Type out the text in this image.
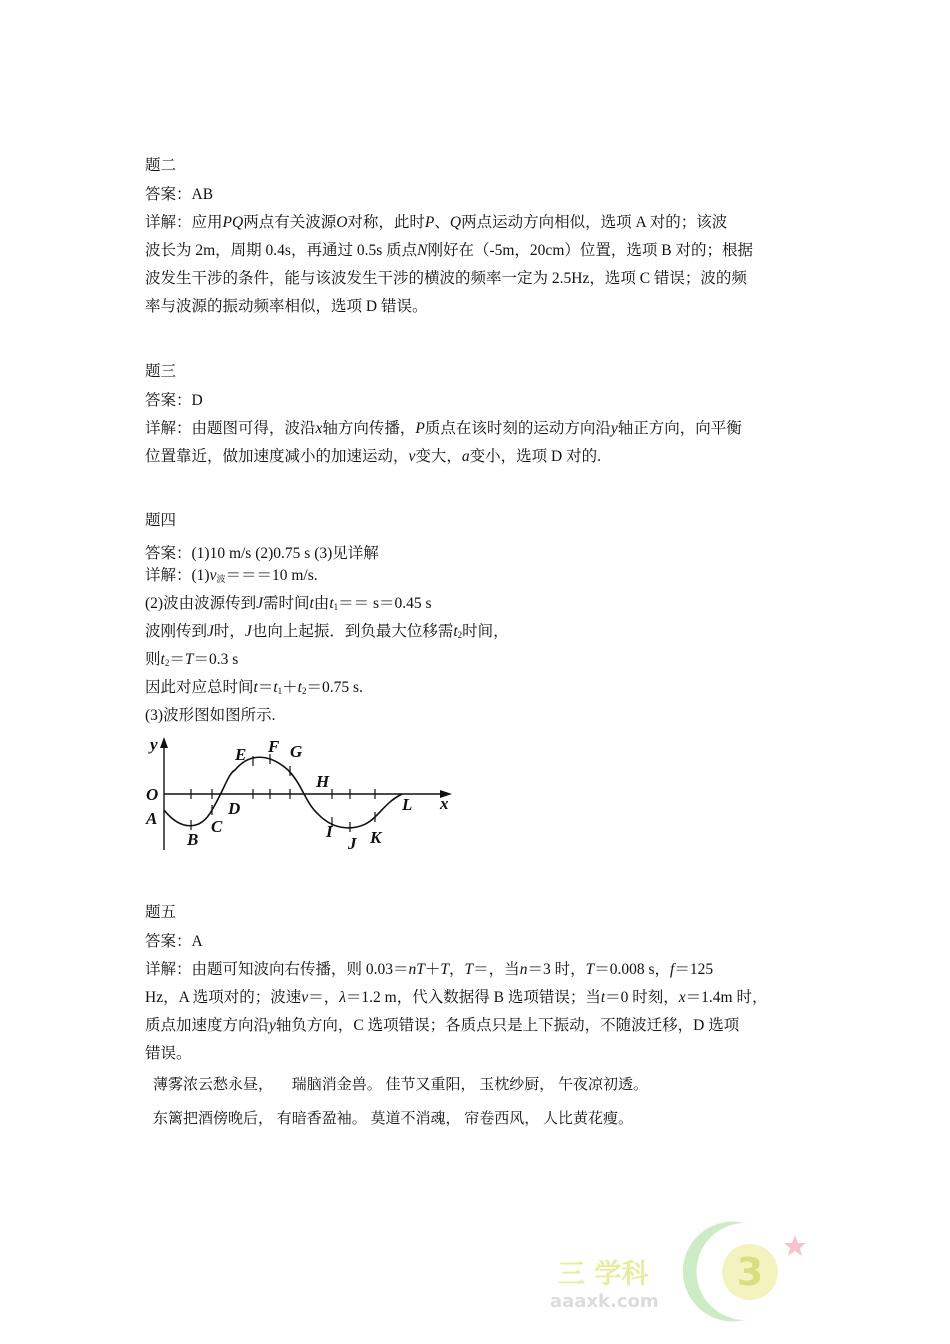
题二
答案：AB
详解：应用PQ两点有关波源O对称，此时P、Q两点运动方向相似，选项 A 对的；该波
波长为 2m，周期 0.4s，再通过 0.5s 质点N刚好在（-5m，20cm）位置，选项 B 对的；根据
波发生干涉的条件，能与该波发生干涉的横波的频率一定为 2.5Hz，选项 C 错误；波的频
率与波源的振动频率相似，选项 D 错误。
题三
答案：D
详解：由题图可得，波沿x轴方向传播，P质点在该时刻的运动方向沿y轴正方向，向平衡
位置靠近，做加速度减小的加速运动，v变大，a变小，选项 D 对的.
题四
答案：(1)10 m/s (2)0.75 s (3)见详解
详解：$(1)v_波===10$ m/s.
(2)波由波源传到J需时间t由$t_1== s=0.45$ s
波刚传到J时，J也向上起振．到负最大位移需$t_2$时间，
则$t_2=T=0.3$ s
因此对应总时间$t=t_1+t_2=0.75$ s.
(3)波形图如图所示.
y
x
O
A
B
C
D
E F G
H
I
J K
L
题五
答案：A
详解：由题可知波向右传播，则 0.03＝nT＋T，T＝，当n＝3 时，T＝0.008 s，f＝125
Hz，A 选项对的；波速v＝，λ＝1.2 m，代入数据得 B 选项错误；当t＝0 时刻，x＝1.4m 时，
质点加速度方向沿y轴负方向，C 选项错误；各质点只是上下振动，不随波迁移，D 选项
错误。
薄雾浓云愁永昼，     瑞脑消金兽。 佳节又重阳， 玉枕纱厨， 午夜凉初透。
东篱把酒傍晚后， 有暗香盈袖。 莫道不消魂， 帘卷西风， 人比黄花瘦。
3
三 学科
aaaxk.com
